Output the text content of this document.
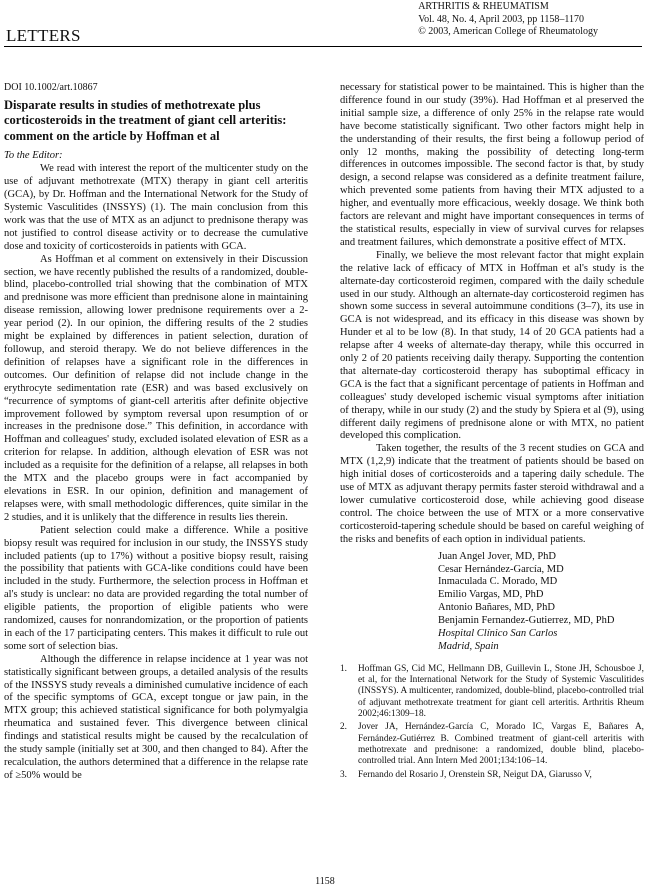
ARTHRITIS & RHEUMATISM
Vol. 48, No. 4, April 2003, pp 1158–1170
© 2003, American College of Rheumatology
LETTERS

DOI 10.1002/art.10867

Disparate results in studies of methotrexate plus corticosteroids in the treatment of giant cell arteritis: comment on the article by Hoffman et al

To the Editor:

We read with interest the report of the multicenter study on the use of adjuvant methotrexate (MTX) therapy in giant cell arteritis (GCA), by Dr. Hoffman and the International Network for the Study of Systemic Vasculitides (INSSYS) (1). The main conclusion from this work was that the use of MTX as an adjunct to prednisone therapy was not justified to control disease activity or to decrease the cumulative dose and toxicity of corticosteroids in patients with GCA.

As Hoffman et al comment on extensively in their Discussion section, we have recently published the results of a randomized, double-blind, placebo-controlled trial showing that the combination of MTX and prednisone was more efficient than prednisone alone in maintaining disease remission, allowing lower prednisone requirements over a 2-year period (2). In our opinion, the differing results of the 2 studies might be explained by differences in patient selection, duration of followup, and steroid therapy. We do not believe differences in the definition of relapses have a significant role in the differences in outcomes. Our definition of relapse did not include change in the erythrocyte sedimentation rate (ESR) and was based exclusively on “recurrence of symptoms of giant-cell arteritis after definite objective improvement followed by symptom reversal upon resumption of or increases in the prednisone dose.” This definition, in accordance with Hoffman and colleagues' study, excluded isolated elevation of ESR as a criterion for relapse. In addition, although elevation of ESR was not included as a requisite for the definition of a relapse, all relapses in both the MTX and the placebo groups were in fact accompanied by elevations in ESR. In our opinion, definition and management of relapses were, with small methodologic differences, quite similar in the 2 studies, and it is unlikely that the difference in results lies therein.

Patient selection could make a difference. While a positive biopsy result was required for inclusion in our study, the INSSYS study included patients (up to 17%) without a positive biopsy result, raising the possibility that patients with GCA-like conditions could have been included in the study. Furthermore, the selection process in Hoffman et al's study is unclear: no data are provided regarding the total number of eligible patients, the proportion of eligible patients who were randomized, causes for nonrandomization, or the proportion of patients in each of the 17 participating centers. This makes it difficult to rule out some sort of selection bias.

Although the difference in relapse incidence at 1 year was not statistically significant between groups, a detailed analysis of the results of the INSSYS study reveals a diminished cumulative incidence of each of the specific symptoms of GCA, except tongue or jaw pain, in the MTX group; this achieved statistical significance for both polymyalgia rheumatica and sustained fever. This divergence between clinical findings and statistical results might be caused by the recalculation of the study sample (initially set at 300, and then changed to 84). After the recalculation, the authors determined that a difference in the relapse rate of ≥50% would be

necessary for statistical power to be maintained. This is higher than the difference found in our study (39%). Had Hoffman et al preserved the initial sample size, a difference of only 25% in the relapse rate would have become statistically significant. Two other factors might help in the understanding of their results, the first being a followup period of only 12 months, making the possibility of detecting long-term differences in outcomes impossible. The second factor is that, by study design, a second relapse was considered as a definite treatment failure, which prevented some patients from having their MTX adjusted to a higher, and eventually more efficacious, weekly dosage. We think both factors are relevant and might have important consequences in terms of the statistical results, especially in view of survival curves for relapses and treatment failures, which demonstrate a positive effect of MTX.

Finally, we believe the most relevant factor that might explain the relative lack of efficacy of MTX in Hoffman et al's study is the alternate-day corticosteroid regimen, compared with the daily schedule used in our study. Although an alternate-day corticosteroid regimen has shown some success in several autoimmune conditions (3–7), its use in GCA is not widespread, and its efficacy in this disease was shown by Hunder et al to be low (8). In that study, 14 of 20 GCA patients had a relapse after 4 weeks of alternate-day therapy, while this occurred in only 2 of 20 patients receiving daily therapy. Supporting the contention that alternate-day corticosteroid therapy has suboptimal efficacy in GCA is the fact that a significant percentage of patients in Hoffman and colleagues' study developed ischemic visual symptoms after initiation of therapy, while in our study (2) and the study by Spiera et al (9), using different daily regimens of prednisone alone or with MTX, no patient developed this complication.

Taken together, the results of the 3 recent studies on GCA and MTX (1,2,9) indicate that the treatment of patients should be based on high initial doses of corticosteroids and a tapering daily schedule. The use of MTX as adjuvant therapy permits faster steroid withdrawal and a lower cumulative corticosteroid dose, while achieving good disease control. The choice between the use of MTX or a more conservative corticosteroid-tapering schedule should be based on careful weighing of the risks and benefits of each option in individual patients.

Juan Angel Jover, MD, PhD

Cesar Hernández-García, MD

Inmaculada C. Morado, MD

Emilio Vargas, MD, PhD

Antonio Bañares, MD, PhD

Benjamin Fernandez-Gutierrez, MD, PhD

Hospital Clínico San Carlos

Madrid, Spain

1. Hoffman GS, Cid MC, Hellmann DB, Guillevin L, Stone JH, Schousboe J, et al, for the International Network for the Study of Systemic Vasculitides (INSSYS). A multicenter, randomized, double-blind, placebo-controlled trial of adjuvant methotrexate treatment for giant cell arteritis. Arthritis Rheum 2002;46:1309–18.
2. Jover JA, Hernández-García C, Morado IC, Vargas E, Bañares A, Fernández-Gutiérrez B. Combined treatment of giant-cell arteritis with methotrexate and prednisone: a randomized, double blind, placebo-controlled trial. Ann Intern Med 2001;134:106–14.
3. Fernando del Rosario J, Orenstein SR, Neigut DA, Giarusso V,
1158
